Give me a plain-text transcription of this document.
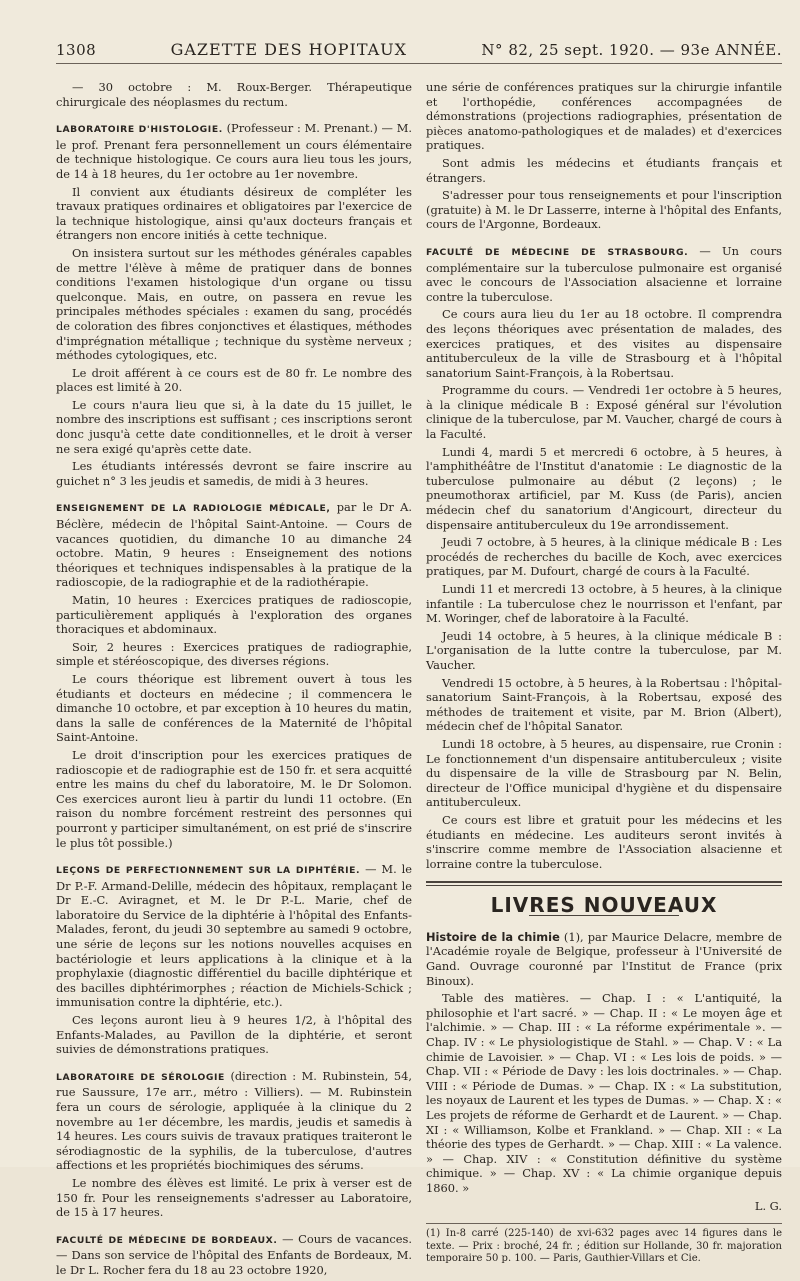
1308	GAZETTE DES HOPITAUX	N° 82, 25 sept. 1920. — 93e ANNÉE.

— 30 octobre : M. Roux-Berger. Thérapeutique chirurgicale des néoplasmes du rectum.

LABORATOIRE D'HISTOLOGIE. (Professeur : M. Prenant.) — M. le prof. Prenant fera personnellement un cours élémentaire de technique histologique. Ce cours aura lieu tous les jours, de 14 à 18 heures, du 1er octobre au 1er novembre.

Il convient aux étudiants désireux de compléter les travaux pratiques ordinaires et obligatoires par l'exercice de la technique histologique, ainsi qu'aux docteurs français et étrangers non encore initiés à cette technique.

On insistera surtout sur les méthodes générales capables de mettre l'élève à même de pratiquer dans de bonnes conditions l'examen histologique d'un organe ou tissu quelconque. Mais, en outre, on passera en revue les principales méthodes spéciales : examen du sang, procédés de coloration des fibres conjonctives et élastiques, méthodes d'imprégnation métallique ; technique du système nerveux ; méthodes cytologiques, etc.

Le droit afférent à ce cours est de 80 fr. Le nombre des places est limité à 20.

Le cours n'aura lieu que si, à la date du 15 juillet, le nombre des inscriptions est suffisant ; ces inscriptions seront donc jusqu'à cette date conditionnelles, et le droit à verser ne sera exigé qu'après cette date.

Les étudiants intéressés devront se faire inscrire au guichet n° 3 les jeudis et samedis, de midi à 3 heures.

ENSEIGNEMENT DE LA RADIOLOGIE MÉDICALE, par le Dr A. Béclère, médecin de l'hôpital Saint-Antoine. — Cours de vacances quotidien, du dimanche 10 au dimanche 24 octobre. Matin, 9 heures : Enseignement des notions théoriques et techniques indispensables à la pratique de la radioscopie, de la radiographie et de la radiothérapie.

Matin, 10 heures : Exercices pratiques de radioscopie, particulièrement appliqués à l'exploration des organes thoraciques et abdominaux.

Soir, 2 heures : Exercices pratiques de radiographie, simple et stéréoscopique, des diverses régions.

Le cours théorique est librement ouvert à tous les étudiants et docteurs en médecine ; il commencera le dimanche 10 octobre, et par exception à 10 heures du matin, dans la salle de conférences de la Maternité de l'hôpital Saint-Antoine.

Le droit d'inscription pour les exercices pratiques de radioscopie et de radiographie est de 150 fr. et sera acquitté entre les mains du chef du laboratoire, M. le Dr Solomon. Ces exercices auront lieu à partir du lundi 11 octobre. (En raison du nombre forcément restreint des personnes qui pourront y participer simultanément, on est prié de s'inscrire le plus tôt possible.)

LEÇONS DE PERFECTIONNEMENT SUR LA DIPHTÉRIE. — M. le Dr P.-F. Armand-Delille, médecin des hôpitaux, remplaçant le Dr E.-C. Aviragnet, et M. le Dr P.-L. Marie, chef de laboratoire du Service de la diphtérie à l'hôpital des Enfants-Malades, feront, du jeudi 30 septembre au samedi 9 octobre, une série de leçons sur les notions nouvelles acquises en bactériologie et leurs applications à la clinique et à la prophylaxie (diagnostic différentiel du bacille diphtérique et des bacilles diphtérimorphes ; réaction de Michiels-Schick ; immunisation contre la diphtérie, etc.).

Ces leçons auront lieu à 9 heures 1/2, à l'hôpital des Enfants-Malades, au Pavillon de la diphtérie, et seront suivies de démonstrations pratiques.

LABORATOIRE DE SÉROLOGIE (direction : M. Rubinstein, 54, rue Saussure, 17e arr., métro : Villiers). — M. Rubinstein fera un cours de sérologie, appliquée à la clinique du 2 novembre au 1er décembre, les mardis, jeudis et samedis à 14 heures. Les cours suivis de travaux pratiques traiteront le sérodiagnostic de la syphilis, de la tuberculose, d'autres affections et les propriétés biochimiques des sérums.

Le nombre des élèves est limité. Le prix à verser est de 150 fr. Pour les renseignements s'adresser au Laboratoire, de 15 à 17 heures.

FACULTÉ DE MÉDECINE DE BORDEAUX. — Cours de vacances. — Dans son service de l'hôpital des Enfants de Bordeaux, M. le Dr L. Rocher fera du 18 au 23 octobre 1920,

une série de conférences pratiques sur la chirurgie infantile et l'orthopédie, conférences accompagnées de démonstrations (projections radiographies, présentation de pièces anatomo-pathologiques et de malades) et d'exercices pratiques.

Sont admis les médecins et étudiants français et étrangers.

S'adresser pour tous renseignements et pour l'inscription (gratuite) à M. le Dr Lasserre, interne à l'hôpital des Enfants, cours de l'Argonne, Bordeaux.

FACULTÉ DE MÉDECINE DE STRASBOURG. — Un cours complémentaire sur la tuberculose pulmonaire est organisé avec le concours de l'Association alsacienne et lorraine contre la tuberculose.

Ce cours aura lieu du 1er au 18 octobre. Il comprendra des leçons théoriques avec présentation de malades, des exercices pratiques, et des visites au dispensaire antituberculeux de la ville de Strasbourg et à l'hôpital sanatorium Saint-François, à la Robertsau.

Programme du cours. — Vendredi 1er octobre à 5 heures, à la clinique médicale B : Exposé général sur l'évolution clinique de la tuberculose, par M. Vaucher, chargé de cours à la Faculté.

Lundi 4, mardi 5 et mercredi 6 octobre, à 5 heures, à l'amphithéâtre de l'Institut d'anatomie : Le diagnostic de la tuberculose pulmonaire au début (2 leçons) ; le pneumothorax artificiel, par M. Kuss (de Paris), ancien médecin chef du sanatorium d'Angicourt, directeur du dispensaire antituberculeux du 19e arrondissement.

Jeudi 7 octobre, à 5 heures, à la clinique médicale B : Les procédés de recherches du bacille de Koch, avec exercices pratiques, par M. Dufourt, chargé de cours à la Faculté.

Lundi 11 et mercredi 13 octobre, à 5 heures, à la clinique infantile : La tuberculose chez le nourrisson et l'enfant, par M. Woringer, chef de laboratoire à la Faculté.

Jeudi 14 octobre, à 5 heures, à la clinique médicale B : L'organisation de la lutte contre la tuberculose, par M. Vaucher.

Vendredi 15 octobre, à 5 heures, à la Robertsau : l'hôpital-sanatorium Saint-François, à la Robertsau, exposé des méthodes de traitement et visite, par M. Brion (Albert), médecin chef de l'hôpital Sanator.

Lundi 18 octobre, à 5 heures, au dispensaire, rue Cronin : Le fonctionnement d'un dispensaire antituberculeux ; visite du dispensaire de la ville de Strasbourg par N. Belin, directeur de l'Office municipal d'hygiène et du dispensaire antituberculeux.

Ce cours est libre et gratuit pour les médecins et les étudiants en médecine. Les auditeurs seront invités à s'inscrire comme membre de l'Association alsacienne et lorraine contre la tuberculose.

LIVRES NOUVEAUX

Histoire de la chimie (1), par Maurice Delacre, membre de l'Académie royale de Belgique, professeur à l'Université de Gand. Ouvrage couronné par l'Institut de France (prix Binoux).

Table des matières. — Chap. I : « L'antiquité, la philosophie et l'art sacré. » — Chap. II : « Le moyen âge et l'alchimie. » — Chap. III : « La réforme expérimentale ». — Chap. IV : « Le physiologistique de Stahl. » — Chap. V : « La chimie de Lavoisier. » — Chap. VI : « Les lois de poids. » — Chap. VII : « Période de Davy : les lois doctrinales. » — Chap. VIII : « Période de Dumas. » — Chap. IX : « La substitution, les noyaux de Laurent et les types de Dumas. » — Chap. X : « Les projets de réforme de Gerhardt et de Laurent. » — Chap. XI : « Williamson, Kolbe et Frankland. » — Chap. XII : « La théorie des types de Gerhardt. » — Chap. XIII : « La valence. » — Chap. XIV : « Constitution définitive du système chimique. » — Chap. XV : « La chimie organique depuis 1860. »

L. G.

(1) In-8 carré (225-140) de xvi-632 pages avec 14 figures dans le texte. — Prix : broché, 24 fr. ; édition sur Hollande, 30 fr. majoration temporaire 50 p. 100. — Paris, Gauthier-Villars et Cie.
